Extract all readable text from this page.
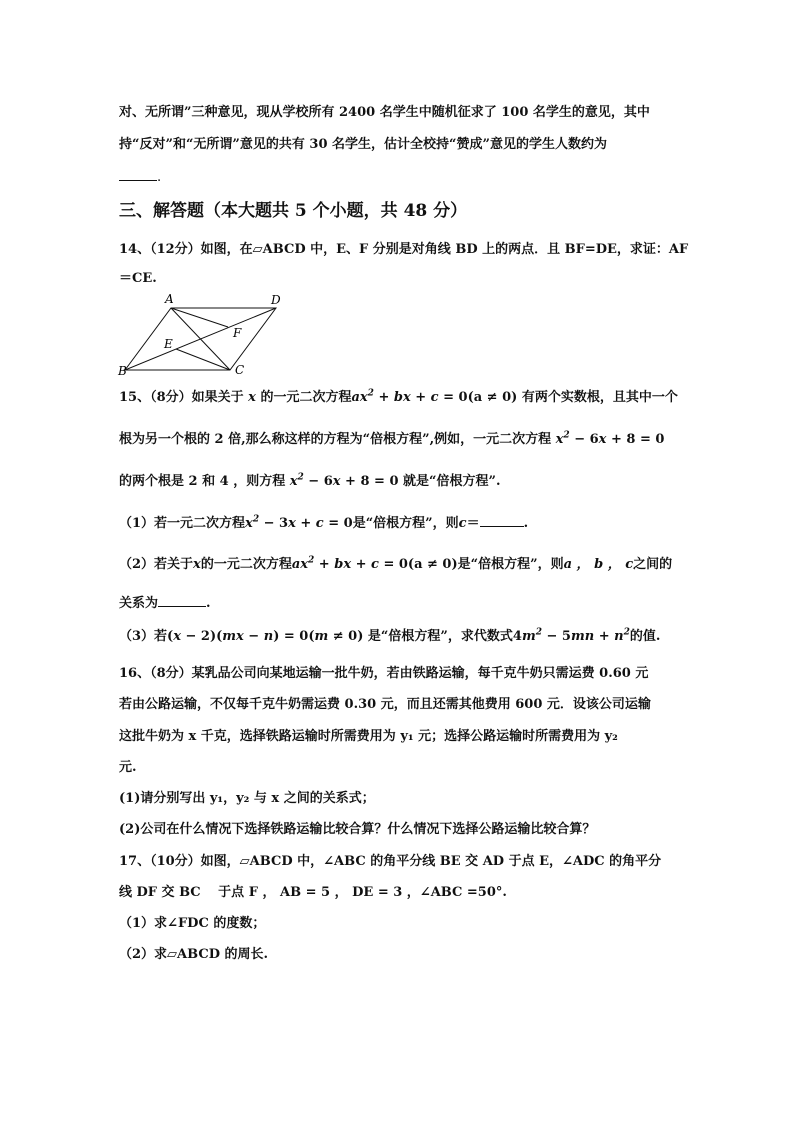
对、无所谓”三种意见，现从学校所有 2400 名学生中随机征求了 100 名学生的意见，其中
持“反对”和“无所谓”意见的共有 30 名学生，估计全校持“赞成”意见的学生人数约为
.
三、解答题（本大题共 5 个小题，共 48 分）
14、（12分）如图，在▱ABCD 中，E、F 分别是对角线 BD 上的两点．且 BF=DE，求证：AF
＝CE.
A	D
E
F
B	C
15、（8分）如果关于 x 的一元二次方程$ax^2$ + bx + c = 0(a ≠ 0) 有两个实数根，且其中一个
根为另一个根的 2 倍,那么称这样的方程为“倍根方程”,例如，一元二次方程 $x^2 - 6x + 8 = 0$
的两个根是 2 和 4 ，则方程 $x^2 - 6x + 8 = 0$ 就是“倍根方程”.
（1）若一元二次方程$x^2 - 3x + c = 0$是“倍根方程”，则c＝	.
（2）若关于x的一元二次方程$ax^2$ + bx + c = 0(a ≠ 0)是“倍根方程”，则a ， b ， c之间的
关系为	.
（3）若(x − 2)(mx − n) = 0(m ≠ 0) 是“倍根方程”，求代数式$4m^2 - 5mn + n^2$的值.
16、（8分）某乳品公司向某地运输一批牛奶，若由铁路运输，每千克牛奶只需运费 0.60 元
若由公路运输，不仅每千克牛奶需运费 0.30 元，而且还需其他费用 600 元．设该公司运输
这批牛奶为 x 千克，选择铁路运输时所需费用为 y₁ 元；选择公路运输时所需费用为 y₂
元.
(1)请分别写出 y₁，y₂ 与 x 之间的关系式；
(2)公司在什么情况下选择铁路运输比较合算？什么情况下选择公路运输比较合算？
17、（10分）如图，▱ABCD 中，∠ABC 的角平分线 BE 交 AD 于点 E，∠ADC 的角平分
线 DF 交 BC　 于点 F ， AB = 5 ， DE = 3 ，∠ABC =50°.
（1）求∠FDC 的度数；
（2）求▱ABCD 的周长.
